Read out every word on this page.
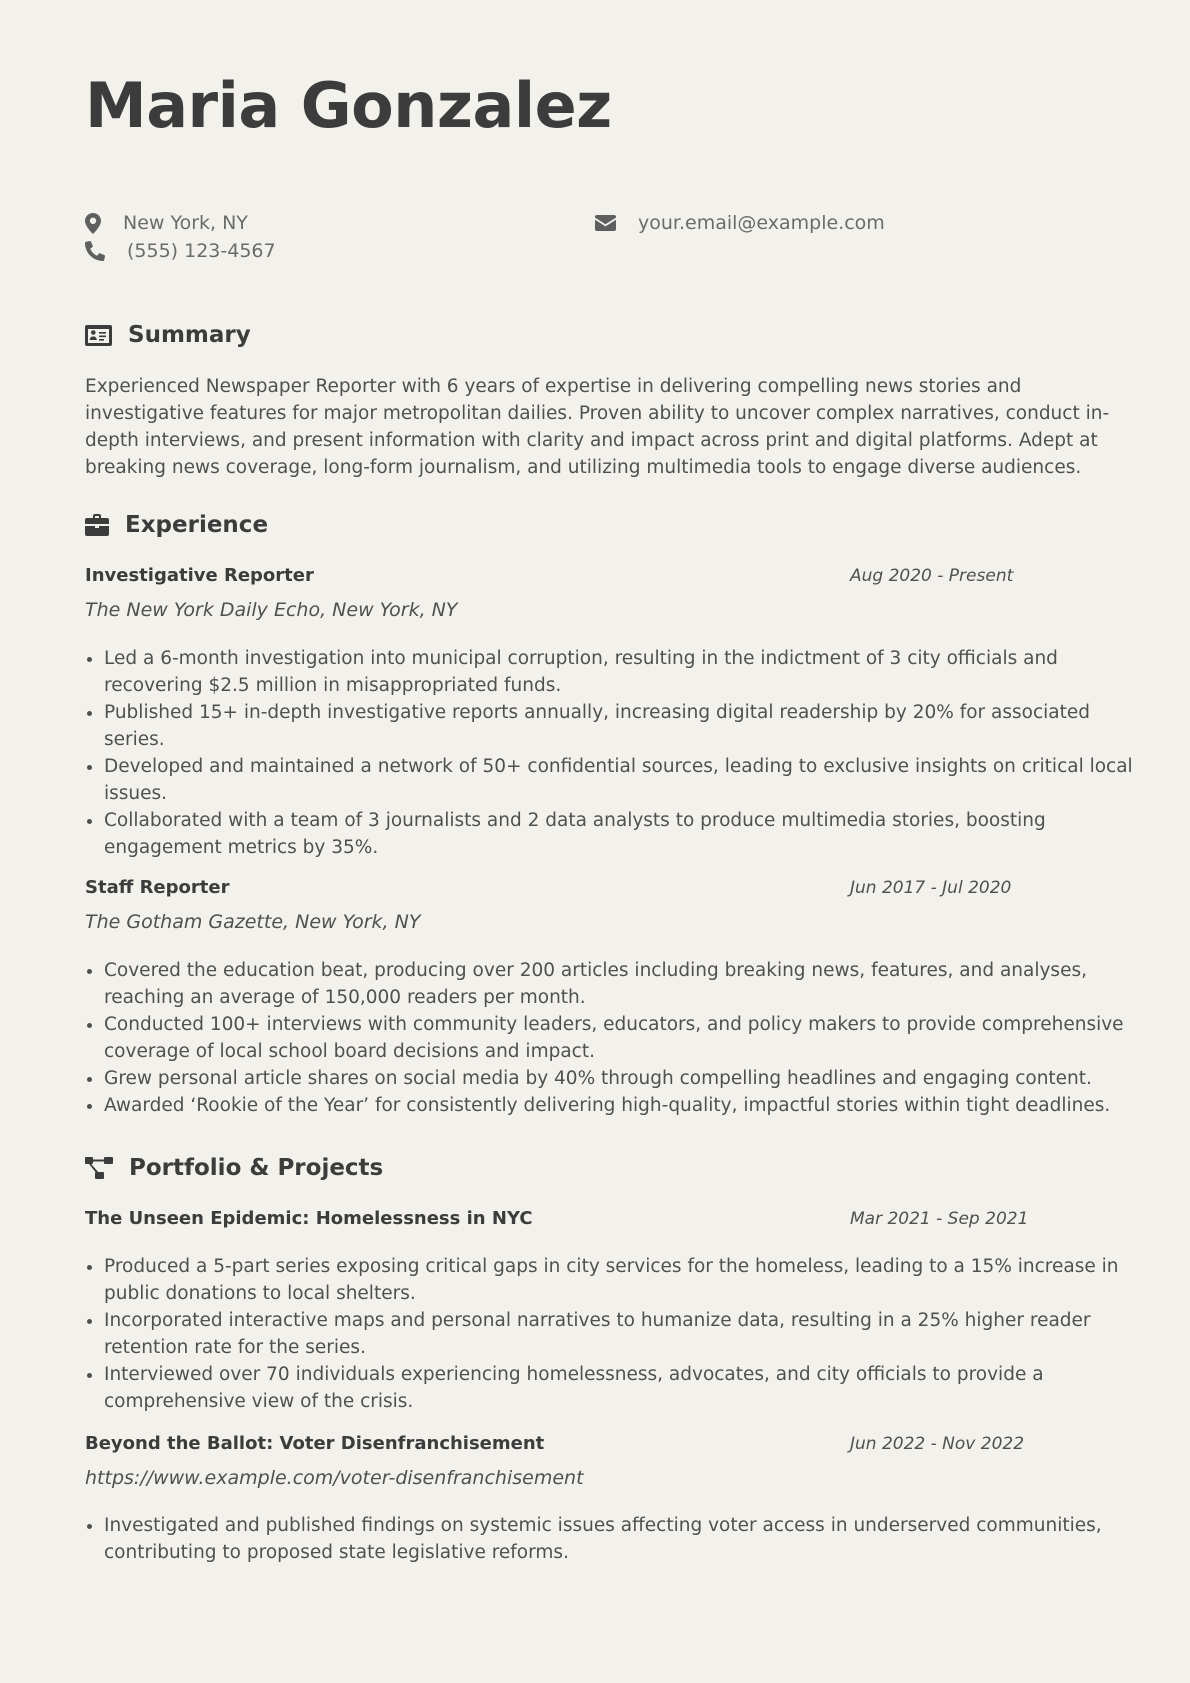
Maria Gonzalez
New York, NY
(555) 123-4567
your.email@example.com
Summary

Experienced Newspaper Reporter with 6 years of expertise in delivering compelling news stories and investigative features for major metropolitan dailies. Proven ability to uncover complex narratives, conduct in-depth interviews, and present information with clarity and impact across print and digital platforms. Adept at breaking news coverage, long-form journalism, and utilizing multimedia tools to engage diverse audiences.

Experience
Investigative Reporter	Aug 2020 - Present
The New York Daily Echo, New York, NY
• Led a 6-month investigation into municipal corruption, resulting in the indictment of 3 city officials and recovering $2.5 million in misappropriated funds.
• Published 15+ in-depth investigative reports annually, increasing digital readership by 20% for associated series.
• Developed and maintained a network of 50+ confidential sources, leading to exclusive insights on critical local issues.
• Collaborated with a team of 3 journalists and 2 data analysts to produce multimedia stories, boosting engagement metrics by 35%.
Staff Reporter	Jun 2017 - Jul 2020
The Gotham Gazette, New York, NY
• Covered the education beat, producing over 200 articles including breaking news, features, and analyses, reaching an average of 150,000 readers per month.
• Conducted 100+ interviews with community leaders, educators, and policy makers to provide comprehensive coverage of local school board decisions and impact.
• Grew personal article shares on social media by 40% through compelling headlines and engaging content.
• Awarded ‘Rookie of the Year’ for consistently delivering high-quality, impactful stories within tight deadlines.
Portfolio & Projects
The Unseen Epidemic: Homelessness in NYC	Mar 2021 - Sep 2021
• Produced a 5-part series exposing critical gaps in city services for the homeless, leading to a 15% increase in public donations to local shelters.
• Incorporated interactive maps and personal narratives to humanize data, resulting in a 25% higher reader retention rate for the series.
• Interviewed over 70 individuals experiencing homelessness, advocates, and city officials to provide a comprehensive view of the crisis.
Beyond the Ballot: Voter Disenfranchisement	Jun 2022 - Nov 2022
https://www.example.com/voter-disenfranchisement
• Investigated and published findings on systemic issues affecting voter access in underserved communities, contributing to proposed state legislative reforms.
